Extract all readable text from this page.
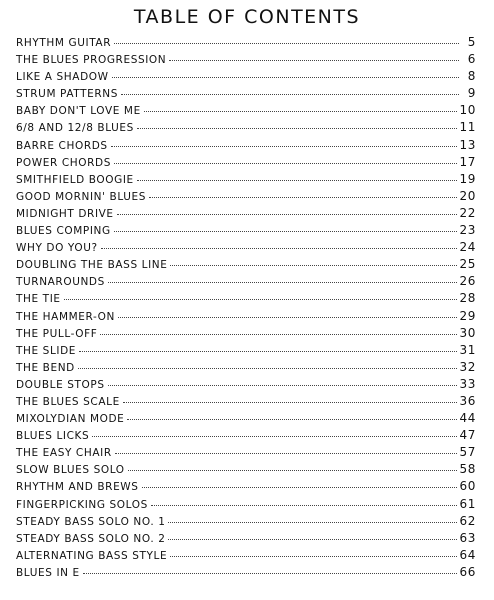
TABLE OF CONTENTS
RHYTHM GUITAR	5
THE BLUES PROGRESSION	6
LIKE A SHADOW	8
STRUM PATTERNS	9
BABY DON'T LOVE ME	10
6/8 AND 12/8 BLUES	11
BARRE CHORDS	13
POWER CHORDS	17
SMITHFIELD BOOGIE	19
GOOD MORNIN' BLUES	20
MIDNIGHT DRIVE	22
BLUES COMPING	23
WHY DO YOU?	24
DOUBLING THE BASS LINE	25
TURNAROUNDS	26
THE TIE	28
THE HAMMER-ON	29
THE PULL-OFF	30
THE SLIDE	31
THE BEND	32
DOUBLE STOPS	33
THE BLUES SCALE	36
MIXOLYDIAN MODE	44
BLUES LICKS	47
THE EASY CHAIR	57
SLOW BLUES SOLO	58
RHYTHM AND BREWS	60
FINGERPICKING SOLOS	61
STEADY BASS SOLO NO. 1	62
STEADY BASS SOLO NO. 2	63
ALTERNATING BASS STYLE	64
BLUES IN E	66
